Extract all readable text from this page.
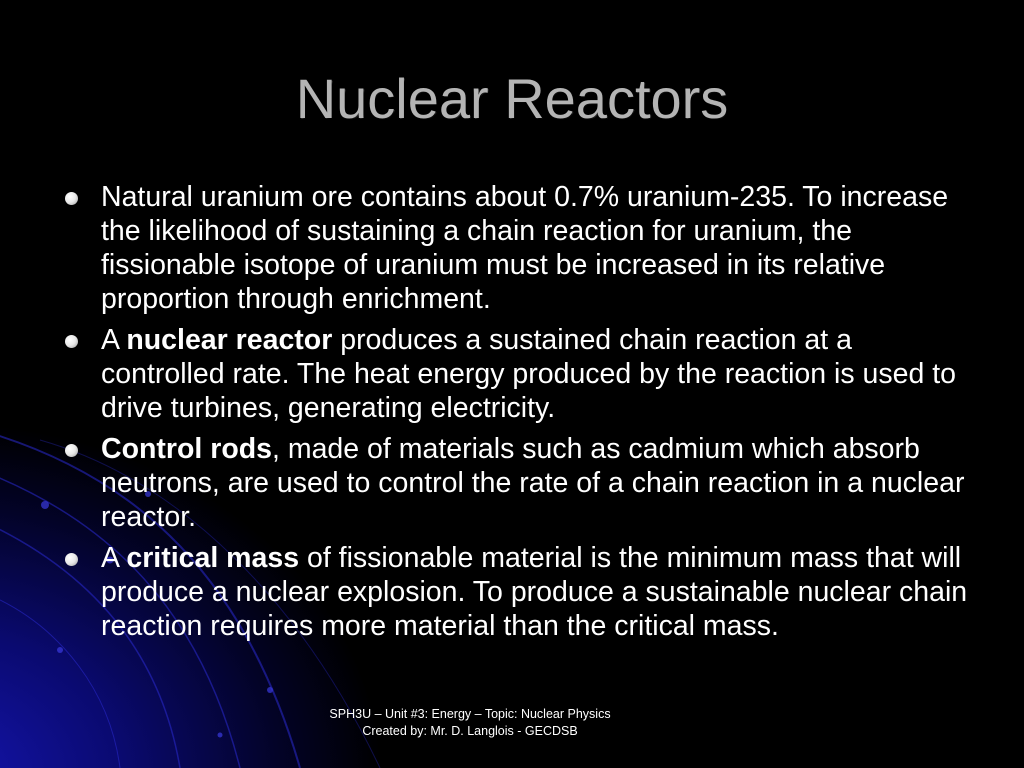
Nuclear Reactors
Natural uranium ore contains about 0.7% uranium-235. To increase the likelihood of sustaining a chain reaction for uranium, the fissionable isotope of uranium must be increased in its relative proportion through enrichment.
A nuclear reactor produces a sustained chain reaction at a controlled rate. The heat energy produced by the reaction is used to drive turbines, generating electricity.
Control rods, made of materials such as cadmium which absorb neutrons, are used to control the rate of a chain reaction in a nuclear reactor.
A critical mass of fissionable material is the minimum mass that will produce a nuclear explosion. To produce a sustainable nuclear chain reaction requires more material than the critical mass.
SPH3U – Unit #3: Energy – Topic: Nuclear Physics
Created by: Mr. D. Langlois - GECDSB
